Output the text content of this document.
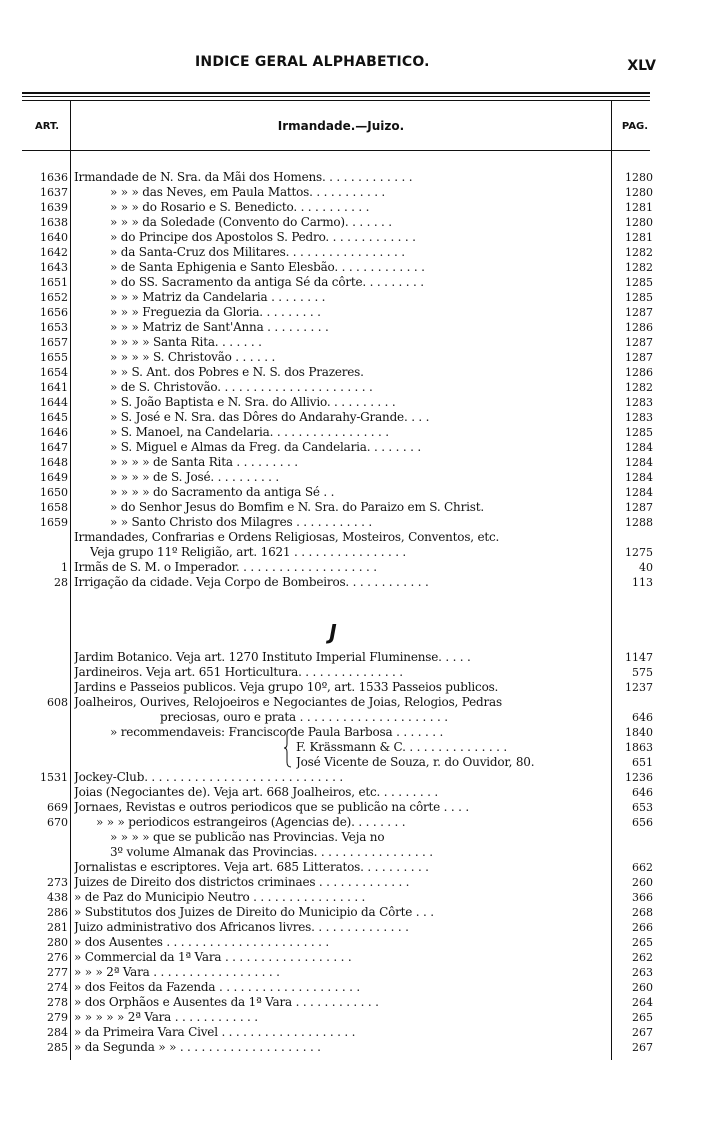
INDICE GERAL ALPHABETICO.	XLV
ART.	Irmandade.—Juizo.	PAG.
J
1636 Irmandade de N. Sra. da Mãi dos Homens. . . . . . . . . . . . .	1280
1637	» » » das Neves, em Paula Mattos. . . . . . . . . . .	1280
1639	» » » do Rosario e S. Benedicto. . . . . . . . . . .	1281
1638	» » » da Soledade (Convento do Carmo). . . . . . .	1280
1640	» do Principe dos Apostolos S. Pedro. . . . . . . . . . . . .	1281
1642	» da Santa-Cruz dos Militares. . . . . . . . . . . . . . . . .	1282
1643	» de Santa Ephigenia e Santo Elesbão. . . . . . . . . . . . .	1282
1651	» do SS. Sacramento da antiga Sé da côrte. . . . . . . . .	1285
1652	» » » Matriz da Candelaria . . . . . . . .	1285
1656	» » » Freguezia da Gloria. . . . . . . . .	1287
1653	» » » Matriz de Sant'Anna . . . . . . . . .	1286
1657	» » » » Santa Rita. . . . . . .	1287
1655	» » » » S. Christovão . . . . . .	1287
1654	» » S. Ant. dos Pobres e N. S. dos Prazeres.	1286
1641	» de S. Christovão. . . . . . . . . . . . . . . . . . . . . .	1282
1644	» S. João Baptista e N. Sra. do Allivio. . . . . . . . . .	1283
1645	» S. José e N. Sra. das Dôres do Andarahy-Grande. . . .	1283
1646	» S. Manoel, na Candelaria. . . . . . . . . . . . . . . . .	1285
1647	» S. Miguel e Almas da Freg. da Candelaria. . . . . . . .	1284
1648	» » » » de Santa Rita . . . . . . . . .	1284
1649	» » » » de S. José. . . . . . . . . .	1284
1650	» » » » do Sacramento da antiga Sé . .	1284
1658	» do Senhor Jesus do Bomfim e N. Sra. do Paraizo em S. Christ.	1287
1659	» » Santo Christo dos Milagres . . . . . . . . . . .	1288
Irmandades, Confrarias e Ordens Religiosas, Mosteiros, Conventos, etc.
Veja grupo 11º Religião, art. 1621 . . . . . . . . . . . . . . . .	1275
1 Irmãs de S. M. o Imperador. . . . . . . . . . . . . . . . . . . .	40
28 Irrigação da cidade. Veja Corpo de Bombeiros. . . . . . . . . . . .	113
Jardim Botanico. Veja art. 1270 Instituto Imperial Fluminense. . . . .	1147
Jardineiros. Veja art. 651 Horticultura. . . . . . . . . . . . . . .	575
Jardins e Passeios publicos. Veja grupo 10º, art. 1533 Passeios publicos.	1237
608 Joalheiros, Ourives, Relojoeiros e Negociantes de Joias, Relogios, Pedras
preciosas, ouro e prata . . . . . . . . . . . . . . . . . . . . .	646
» recommendaveis: Francisco de Paula Barbosa . . . . . . .	1840
F. Krässmann & C. . . . . . . . . . . . . . .	1863
José Vicente de Souza, r. do Ouvidor, 80.	651
1531 Jockey-Club. . . . . . . . . . . . . . . . . . . . . . . . . . . .	1236
Joias (Negociantes de). Veja art. 668 Joalheiros, etc. . . . . . . . .	646
669 Jornaes, Revistas e outros periodicos que se publicão na côrte . . . .	653
670 » » » periodicos estrangeiros (Agencias de). . . . . . . .	656
» » » » que se publicão nas Provincias. Veja no
3º volume Almanak das Provincias. . . . . . . . . . . . . . . . .
Jornalistas e escriptores. Veja art. 685 Litteratos. . . . . . . . . .	662
273 Juizes de Direito dos districtos criminaes . . . . . . . . . . . . .	260
438 » de Paz do Municipio Neutro . . . . . . . . . . . . . . . .	366
286 » Substitutos dos Juizes de Direito do Municipio da Côrte . . .	268
281 Juizo administrativo dos Africanos livres. . . . . . . . . . . . . .	266
280 » dos Ausentes . . . . . . . . . . . . . . . . . . . . . . .	265
276 » Commercial da 1ª Vara . . . . . . . . . . . . . . . . . .	262
277 » » » 2ª Vara . . . . . . . . . . . . . . . . . .	263
274 » dos Feitos da Fazenda . . . . . . . . . . . . . . . . . . . .	260
278 » dos Orphãos e Ausentes da 1ª Vara . . . . . . . . . . . .	264
279 » » » » » 2ª Vara . . . . . . . . . . . .	265
284 » da Primeira Vara Civel . . . . . . . . . . . . . . . . . . .	267
285 » da Segunda » » . . . . . . . . . . . . . . . . . . . .	267
